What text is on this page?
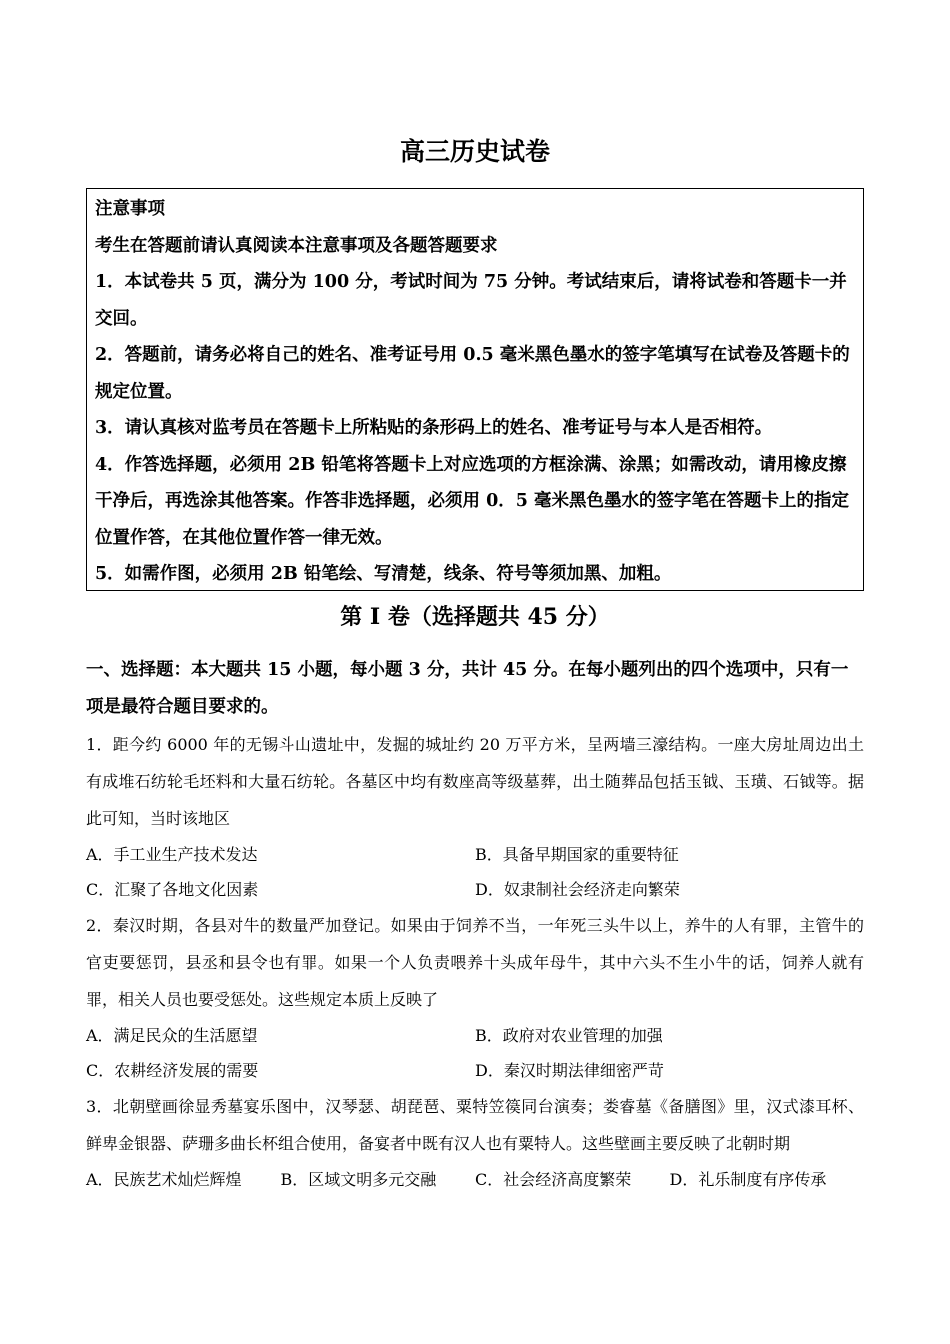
高三历史试卷

注意事项

考生在答题前请认真阅读本注意事项及各题答题要求

1．本试卷共 5 页，满分为 100 分，考试时间为 75 分钟。考试结束后，请将试卷和答题卡一并交回。

2．答题前，请务必将自己的姓名、准考证号用 0.5 毫米黑色墨水的签字笔填写在试卷及答题卡的规定位置。

3．请认真核对监考员在答题卡上所粘贴的条形码上的姓名、准考证号与本人是否相符。

4．作答选择题，必须用 2B 铅笔将答题卡上对应选项的方框涂满、涂黑；如需改动，请用橡皮擦干净后，再选涂其他答案。作答非选择题，必须用 0．5 毫米黑色墨水的签字笔在答题卡上的指定位置作答，在其他位置作答一律无效。

5．如需作图，必须用 2B 铅笔绘、写清楚，线条、符号等须加黑、加粗。

第 Ⅰ 卷（选择题共 45 分）
一、选择题：本大题共 15 小题，每小题 3 分，共计 45 分。在每小题列出的四个选项中，只有一项是最符合题目要求的。
1．距今约 6000 年的无锡斗山遗址中，发掘的城址约 20 万平方米，呈两墙三濠结构。一座大房址周边出土有成堆石纺轮毛坯料和大量石纺轮。各墓区中均有数座高等级墓葬，出土随葬品包括玉钺、玉璜、石钺等。据此可知，当时该地区
A．手工业生产技术发达	B．具备早期国家的重要特征
C．汇聚了各地文化因素	D．奴隶制社会经济走向繁荣
2．秦汉时期，各县对牛的数量严加登记。如果由于饲养不当，一年死三头牛以上，养牛的人有罪，主管牛的官吏要惩罚，县丞和县令也有罪。如果一个人负责喂养十头成年母牛，其中六头不生小牛的话，饲养人就有罪，相关人员也要受惩处。这些规定本质上反映了
A．满足民众的生活愿望	B．政府对农业管理的加强
C．农耕经济发展的需要	D．秦汉时期法律细密严苛
3．北朝壁画徐显秀墓宴乐图中，汉琴瑟、胡琵琶、粟特笠篌同台演奏；娄睿墓《备膳图》里，汉式漆耳杯、鲜卑金银器、萨珊多曲长杯组合使用，备宴者中既有汉人也有粟特人。这些壁画主要反映了北朝时期
A．民族艺术灿烂辉煌	B．区域文明多元交融	C．社会经济高度繁荣	D．礼乐制度有序传承
